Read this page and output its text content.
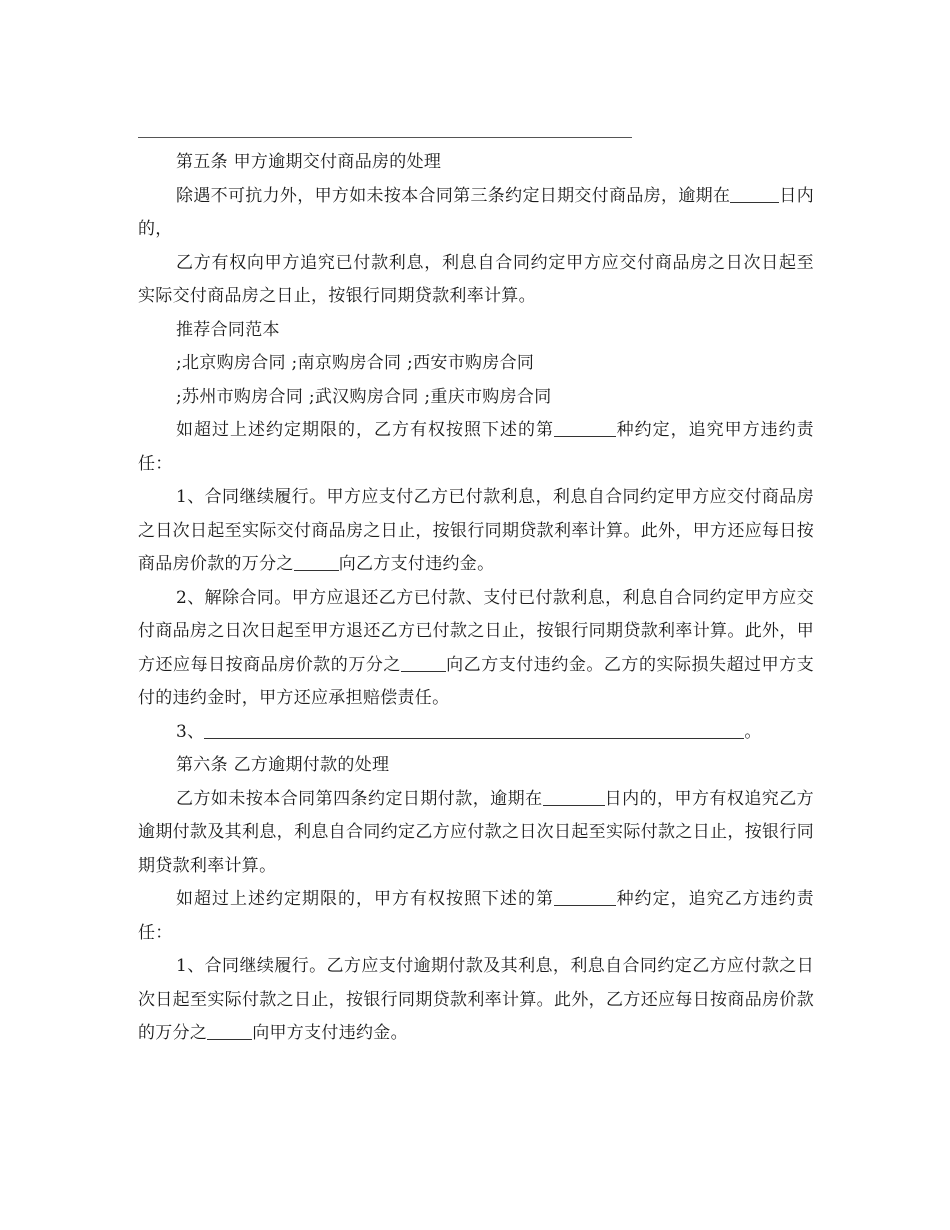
第五条 甲方逾期交付商品房的处理

除遇不可抗力外，甲方如未按本合同第三条约定日期交付商品房，逾期在	日内的，

乙方有权向甲方追究已付款利息，利息自合同约定甲方应交付商品房之日次日起至实际交付商品房之日止，按银行同期贷款利率计算。

推荐合同范本

;北京购房合同 ;南京购房合同 ;西安市购房合同

;苏州市购房合同 ;武汉购房合同 ;重庆市购房合同

如超过上述约定期限的，乙方有权按照下述的第	种约定，追究甲方违约责任：

1、合同继续履行。甲方应支付乙方已付款利息，利息自合同约定甲方应交付商品房之日次日起至实际交付商品房之日止，按银行同期贷款利率计算。此外，甲方还应每日按商品房价款的万分之	向乙方支付违约金。

2、解除合同。甲方应退还乙方已付款、支付已付款利息，利息自合同约定甲方应交付商品房之日次日起至甲方退还乙方已付款之日止，按银行同期贷款利率计算。此外，甲方还应每日按商品房价款的万分之	向乙方支付违约金。乙方的实际损失超过甲方支付的违约金时，甲方还应承担赔偿责任。

3、	。

第六条 乙方逾期付款的处理

乙方如未按本合同第四条约定日期付款，逾期在	日内的，甲方有权追究乙方逾期付款及其利息，利息自合同约定乙方应付款之日次日起至实际付款之日止，按银行同期贷款利率计算。

如超过上述约定期限的，甲方有权按照下述的第	种约定，追究乙方违约责任：

1、合同继续履行。乙方应支付逾期付款及其利息，利息自合同约定乙方应付款之日次日起至实际付款之日止，按银行同期贷款利率计算。此外，乙方还应每日按商品房价款的万分之	向甲方支付违约金。
